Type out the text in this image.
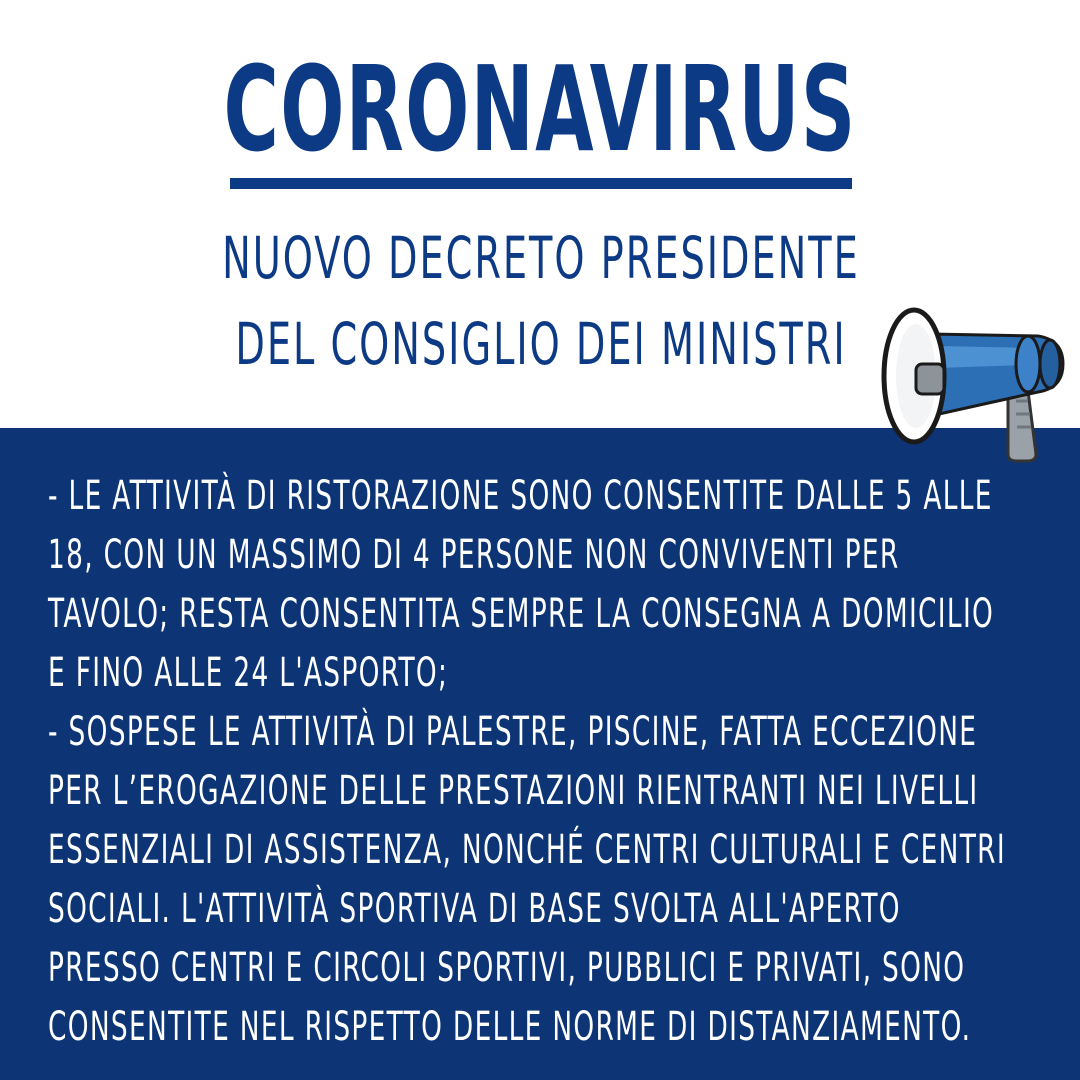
CORONAVIRUS

NUOVO DECRETO PRESIDENTE

DEL CONSIGLIO DEI MINISTRI

- LE ATTIVITÀ DI RISTORAZIONE SONO CONSENTITE DALLE 5 ALLE
18, CON UN MASSIMO DI 4 PERSONE NON CONVIVENTI PER
TAVOLO; RESTA CONSENTITA SEMPRE LA CONSEGNA A DOMICILIO
E FINO ALLE 24 L'ASPORTO;
- SOSPESE LE ATTIVITÀ DI PALESTRE, PISCINE, FATTA ECCEZIONE
PER L’EROGAZIONE DELLE PRESTAZIONI RIENTRANTI NEI LIVELLI
ESSENZIALI DI ASSISTENZA, NONCHÉ CENTRI CULTURALI E CENTRI
SOCIALI. L'ATTIVITÀ SPORTIVA DI BASE SVOLTA ALL'APERTO
PRESSO CENTRI E CIRCOLI SPORTIVI, PUBBLICI E PRIVATI, SONO
CONSENTITE NEL RISPETTO DELLE NORME DI DISTANZIAMENTO.
